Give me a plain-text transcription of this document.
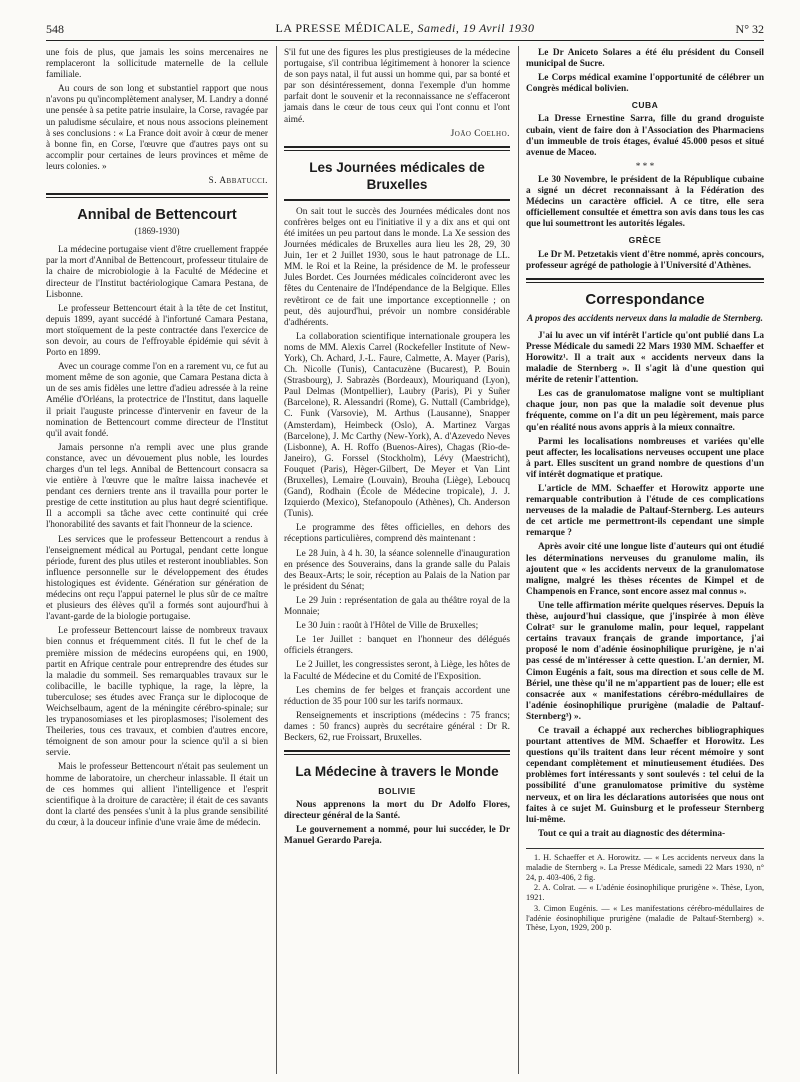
548	LA PRESSE MÉDICALE, Samedi, 19 Avril 1930	N° 32

une fois de plus, que jamais les soins mercenaires ne remplaceront la sollicitude maternelle de la cellule familiale.

Au cours de son long et substantiel rapport que nous n'avons pu qu'incomplètement analyser, M. Landry a donné une pensée à sa petite patrie insulaire, la Corse, ravagée par un paludisme séculaire, et nous nous associons pleinement à ses conclusions : « La France doit avoir à cœur de mener à bonne fin, en Corse, l'œuvre que d'autres pays ont su accomplir pour certaines de leurs provinces et même de leurs colonies. »

S. Abbatucci.

Annibal de Bettencourt
(1869-1930)

La médecine portugaise vient d'être cruellement frappée par la mort d'Annibal de Bettencourt, professeur titulaire de la chaire de microbiologie à la Faculté de Médecine et directeur de l'Institut bactériologique Camara Pestana, de Lisbonne.

Le professeur Bettencourt était à la tête de cet Institut, depuis 1899, ayant succédé à l'infortuné Camara Pestana, mort stoïquement de la peste contractée dans l'exercice de son devoir, au cours de l'effroyable épidémie qui sévit à Porto en 1899.

Avec un courage comme l'on en a rarement vu, ce fut au moment même de son agonie, que Camara Pestana dicta à un de ses amis fidèles une lettre d'adieu adressée à la reine Amélie d'Orléans, la protectrice de l'Institut, dans laquelle il priait l'auguste princesse d'intervenir en faveur de la nomination de Bettencourt comme directeur de l'Institut qu'il avait fondé.

Jamais personne n'a rempli avec une plus grande constance, avec un dévouement plus noble, les lourdes charges d'un tel legs. Annibal de Bettencourt consacra sa vie entière à l'œuvre que le maître laissa inachevée et pendant ces derniers trente ans il travailla pour porter le prestige de cette institution au plus haut degré scientifique. Il a accompli sa tâche avec cette continuité qui crée l'honorabilité des savants et fait l'honneur de la science.

Les services que le professeur Bettencourt a rendus à l'enseignement médical au Portugal, pendant cette longue période, furent des plus utiles et resteront inoubliables. Son influence personnelle sur le développement des études histologiques est évidente. Génération sur génération de médecins ont reçu l'appui paternel le plus sûr de ce maître et plusieurs des élèves qu'il a formés sont aujourd'hui à l'avant-garde de la biologie portugaise.

Le professeur Bettencourt laisse de nombreux travaux bien connus et fréquemment cités. Il fut le chef de la première mission de médecins européens qui, en 1900, partit en Afrique centrale pour entreprendre des études sur la maladie du sommeil. Ses remarquables travaux sur le colibacille, le bacille typhique, la rage, la lèpre, la tuberculose; ses études avec França sur le diplocoque de Weichselbaum, agent de la méningite cérébro-spinale; sur les trypanosomiases et les piroplasmoses; l'isolement des Theileries, tous ces travaux, et combien d'autres encore, témoignent de son amour pour la science qu'il a si bien servie.

Mais le professeur Bettencourt n'était pas seulement un homme de laboratoire, un chercheur inlassable. Il était un de ces hommes qui allient l'intelligence et l'esprit scientifique à la droiture de caractère; il était de ces savants dont la clarté des pensées s'unit à la plus grande sensibilité du cœur, à la douceur infinie d'une vraie âme de médecin.

S'il fut une des figures les plus prestigieuses de la médecine portugaise, s'il contribua légitimement à honorer la science de son pays natal, il fut aussi un homme qui, par sa bonté et par son désintéressement, donna l'exemple d'un homme parfait dont le souvenir et la reconnaissance ne s'effaceront jamais dans le cœur de tous ceux qui l'ont connu et l'ont aimé.

João Coelho.

Les Journées médicales de Bruxelles

On sait tout le succès des Journées médicales dont nos confrères belges ont eu l'initiative il y a dix ans et qui ont été imitées un peu partout dans le monde. La Xe session des Journées médicales de Bruxelles aura lieu les 28, 29, 30 Juin, 1er et 2 Juillet 1930, sous le haut patronage de LL. MM. le Roi et la Reine, la présidence de M. le professeur Jules Bordet. Ces Journées médicales coïncideront avec les fêtes du Centenaire de l'Indépendance de la Belgique. Elles revêtiront ce de fait une importance exceptionnelle ; on peut, dès aujourd'hui, prévoir un nombre considérable d'adhérents.

La collaboration scientifique internationale groupera les noms de MM. Alexis Carrel (Rockefeller Institute of New-York), Ch. Achard, J.-L. Faure, Calmette, A. Mayer (Paris), Ch. Nicolle (Tunis), Cantacuzène (Bucarest), P. Bouin (Strasbourg), J. Sabrazès (Bordeaux), Mouriquand (Lyon), Paul Delmas (Montpellier), Laubry (Paris), Pi y Suñer (Barcelone), R. Alessandri (Rome), G. Nuttall (Cambridge), C. Funk (Varsovie), M. Arthus (Lausanne), Snapper (Amsterdam), Heimbeck (Oslo), A. Martinez Vargas (Barcelone), J. Mc Carthy (New-York), A. d'Azevedo Neves (Lisbonne), A. H. Roffo (Buenos-Aires), Chagas (Rio-de-Janeiro), G. Forssel (Stockholm), Lévy (Maestricht), Fouquet (Paris), Hèger-Gilbert, De Meyer et Van Lint (Bruxelles), Lemaire (Louvain), Brouha (Liège), Leboucq (Gand), Rodhain (École de Médecine tropicale), J. J. Izquierdo (Mexico), Stefanopoulo (Athènes), Ch. Anderson (Tunis).

Le programme des fêtes officielles, en dehors des réceptions particulières, comprend dès maintenant :

Le 28 Juin, à 4 h. 30, la séance solennelle d'inauguration en présence des Souverains, dans la grande salle du Palais des Beaux-Arts; le soir, réception au Palais de la Nation par le président du Sénat;

Le 29 Juin : représentation de gala au théâtre royal de la Monnaie;

Le 30 Juin : raoût à l'Hôtel de Ville de Bruxelles;

Le 1er Juillet : banquet en l'honneur des délégués officiels étrangers.

Le 2 Juillet, les congressistes seront, à Liège, les hôtes de la Faculté de Médecine et du Comité de l'Exposition.

Les chemins de fer belges et français accordent une réduction de 35 pour 100 sur les tarifs normaux.

Renseignements et inscriptions (médecins : 75 francs; dames : 50 francs) auprès du secrétaire général : Dr R. Beckers, 62, rue Froissart, Bruxelles.

La Médecine à travers le Monde
BOLIVIE

Nous apprenons la mort du Dr Adolfo Flores, directeur général de la Santé.

Le gouvernement a nommé, pour lui succéder, le Dr Manuel Gerardo Pareja.

Le Dr Aniceto Solares a été élu président du Conseil municipal de Sucre.

Le Corps médical examine l'opportunité de célébrer un Congrès médical bolivien.

CUBA

La Dresse Ernestine Sarra, fille du grand droguiste cubain, vient de faire don à l'Association des Pharmaciens d'un immeuble de trois étages, évalué 45.000 pesos et situé avenue de Maceo.

* * *

Le 30 Novembre, le président de la République cubaine a signé un décret reconnaissant à la Fédération des Médecins un caractère officiel. A ce titre, elle sera officiellement consultée et émettra son avis dans tous les cas que lui soumettront les autorités légales.

GRÈCE

Le Dr M. Petzetakis vient d'être nommé, après concours, professeur agrégé de pathologie à l'Université d'Athènes.

Correspondance
A propos des accidents nerveux dans la maladie de Sternberg.

J'ai lu avec un vif intérêt l'article qu'ont publié dans La Presse Médicale du samedi 22 Mars 1930 MM. Schaeffer et Horowitz¹. Il a trait aux « accidents nerveux dans la maladie de Sternberg ». Il s'agit là d'une question qui mérite de retenir l'attention.

Les cas de granulomatose maligne vont se multipliant chaque jour, non pas que la maladie soit devenue plus fréquente, comme on l'a dit un peu légèrement, mais parce qu'en réalité nous avons appris à la mieux connaître.

Parmi les localisations nombreuses et variées qu'elle peut affecter, les localisations nerveuses occupent une place à part. Elles suscitent un grand nombre de questions d'un vif intérêt dogmatique et pratique.

L'article de MM. Schaeffer et Horowitz apporte une remarquable contribution à l'étude de ces complications nerveuses de la maladie de Paltauf-Sternberg. Les auteurs de cet article me permettront-ils cependant une simple remarque ?

Après avoir cité une longue liste d'auteurs qui ont étudié les déterminations nerveuses du granulome malin, ils ajoutent que « les accidents nerveux de la granulomatose maligne, malgré les thèses récentes de Kimpel et de Champenois en France, sont encore assez mal connus ».

Une telle affirmation mérite quelques réserves. Depuis la thèse, aujourd'hui classique, que j'inspirée à mon élève Colrat² sur le granulome malin, pour lequel, rappelant certains travaux français de grande importance, j'ai proposé le nom d'adénie éosinophilique prurigène, je n'ai pas cessé de m'intéresser à cette question. L'an dernier, M. Cimon Eugénis a fait, sous ma direction et sous celle de M. Bériel, une thèse qu'il ne m'appartient pas de louer; elle est consacrée aux « manifestations cérébro-médullaires de l'adénie éosinophilique prurigène (maladie de Paltauf-Sternberg³) ».

Ce travail a échappé aux recherches bibliographiques pourtant attentives de MM. Schaeffer et Horowitz. Les questions qu'ils traitent dans leur récent mémoire y sont cependant complètement et minutieusement étudiées. Des problèmes fort intéressants y sont soulevés : tel celui de la possibilité d'une granulomatose primitive du système nerveux, et on lira les déclarations autorisées que nous ont faites à ce sujet M. Guinsburg et le professeur Sternberg lui-même.

Tout ce qui a trait au diagnostic des détermina-

1. H. Schaeffer et A. Horowitz. — « Les accidents nerveux dans la maladie de Sternberg ». La Presse Médicale, samedi 22 Mars 1930, n° 24, p. 403-406, 2 fig.
2. A. Colrat. — « L'adénie éosinophilique prurigène ». Thèse, Lyon, 1921.
3. Cimon Eugénis. — « Les manifestations cérébro-médullaires de l'adénie éosinophilique prurigène (maladie de Paltauf-Sternberg) ». Thèse, Lyon, 1929, 200 p.
